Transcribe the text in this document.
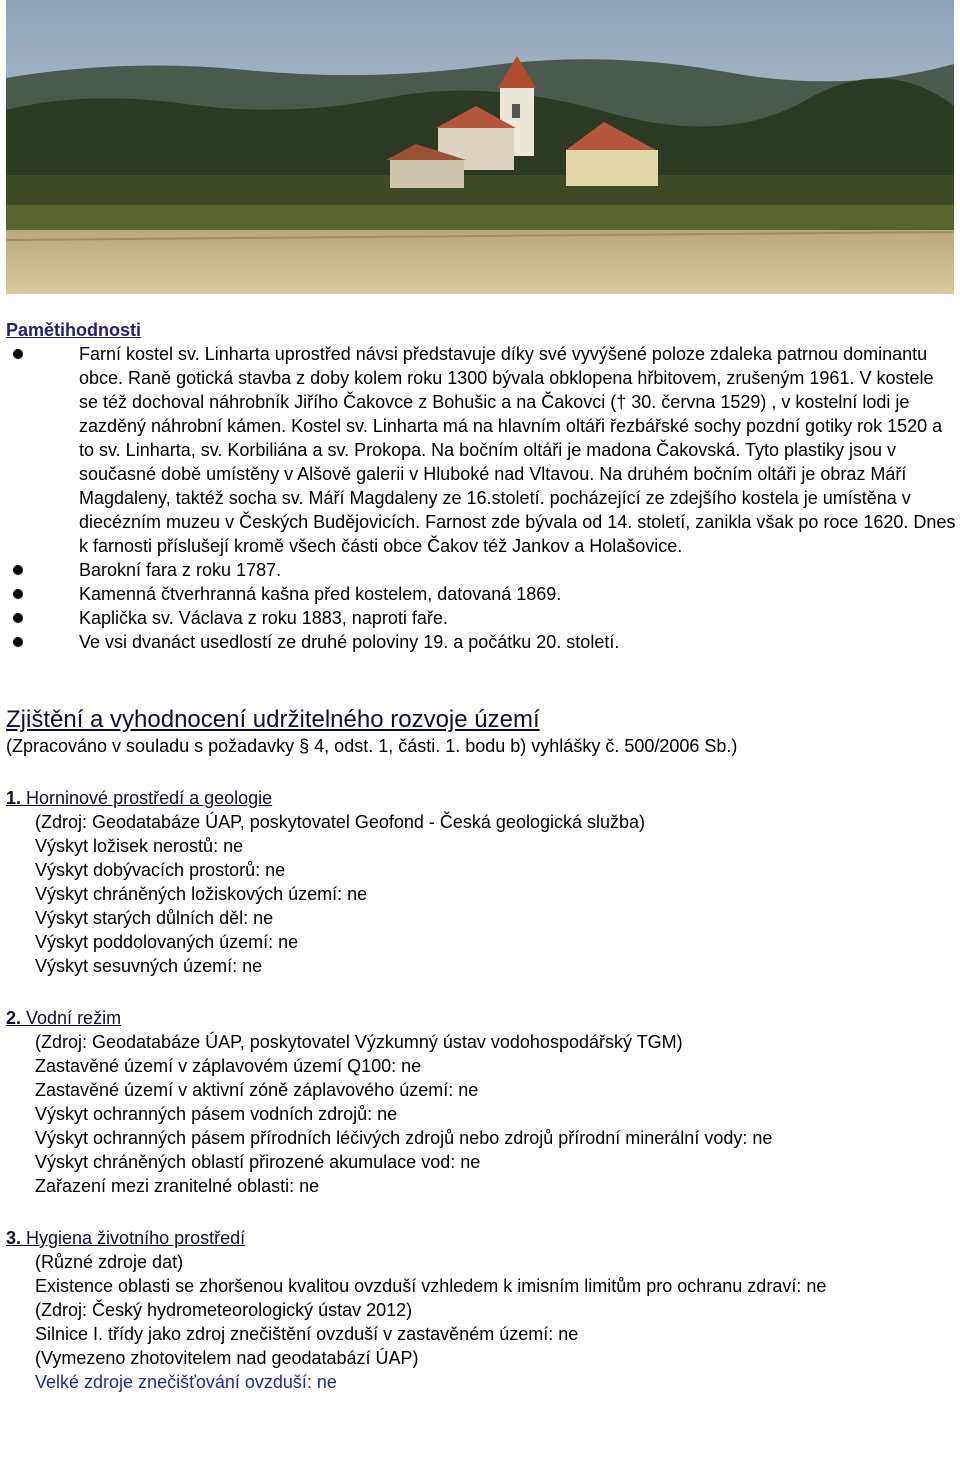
Pamětihodnosti
Farní kostel sv. Linharta uprostřed návsi představuje díky své vyvýšené poloze zdaleka patrnou dominantu obce. Raně gotická stavba z doby kolem roku 1300 bývala obklopena hřbitovem, zrušeným 1961. V kostele se též dochoval náhrobník Jiřího Čakovce z Bohušic a na Čakovci († 30. června 1529) , v kostelní lodi je zazděný náhrobní kámen. Kostel sv. Linharta má na hlavním oltáři řezbářské sochy pozdní gotiky rok 1520 a to sv. Linharta, sv. Korbiliána a sv. Prokopa. Na bočním oltáři je madona Čakovská. Tyto plastiky jsou v současné době umístěny v Alšově galerii v Hluboké nad Vltavou. Na druhém bočním oltáři je obraz Máří Magdaleny, taktéž socha sv. Máří Magdaleny ze 16.století. pocházející ze zdejšího kostela je umístěna v diecézním muzeu v Českých Budějovicích. Farnost zde bývala od 14. století, zanikla však po roce 1620. Dnes k farnosti příslušejí kromě všech části obce Čakov též Jankov a Holašovice.
Barokní fara z roku 1787.
Kamenná čtverhranná kašna před kostelem, datovaná 1869.
Kaplička sv. Václava z roku 1883, naproti faře.
Ve vsi dvanáct usedlostí ze druhé poloviny 19. a počátku 20. století.
Zjištění a vyhodnocení udržitelného rozvoje území

(Zpracováno v souladu s požadavky § 4, odst. 1, části. 1. bodu b) vyhlášky č. 500/2006 Sb.)

1. Horninové prostředí a geologie

(Zdroj: Geodatabáze ÚAP, poskytovatel Geofond - Česká geologická služba)

Výskyt ložisek nerostů: ne

Výskyt dobývacích prostorů: ne

Výskyt chráněných ložiskových území: ne

Výskyt starých důlních děl: ne

Výskyt poddolovaných území: ne

Výskyt sesuvných území: ne

2. Vodní režim

(Zdroj: Geodatabáze ÚAP, poskytovatel Výzkumný ústav vodohospodářský TGM)

Zastavěné území v záplavovém území Q100: ne

Zastavěné území v aktivní zóně záplavového území: ne

Výskyt ochranných pásem vodních zdrojů: ne

Výskyt ochranných pásem přírodních léčivých zdrojů nebo zdrojů přírodní minerální vody: ne

Výskyt chráněných oblastí přirozené akumulace vod: ne

Zařazení mezi zranitelné oblasti: ne

3. Hygiena životního prostředí

(Různé zdroje dat)

Existence oblasti se zhoršenou kvalitou ovzduší vzhledem k imisním limitům pro ochranu zdraví: ne

(Zdroj: Český hydrometeorologický ústav 2012)

Silnice I. třídy jako zdroj znečištění ovzduší v zastavěném území: ne

(Vymezeno zhotovitelem nad geodatabází ÚAP)

Velké zdroje znečišťování ovzduší: ne
